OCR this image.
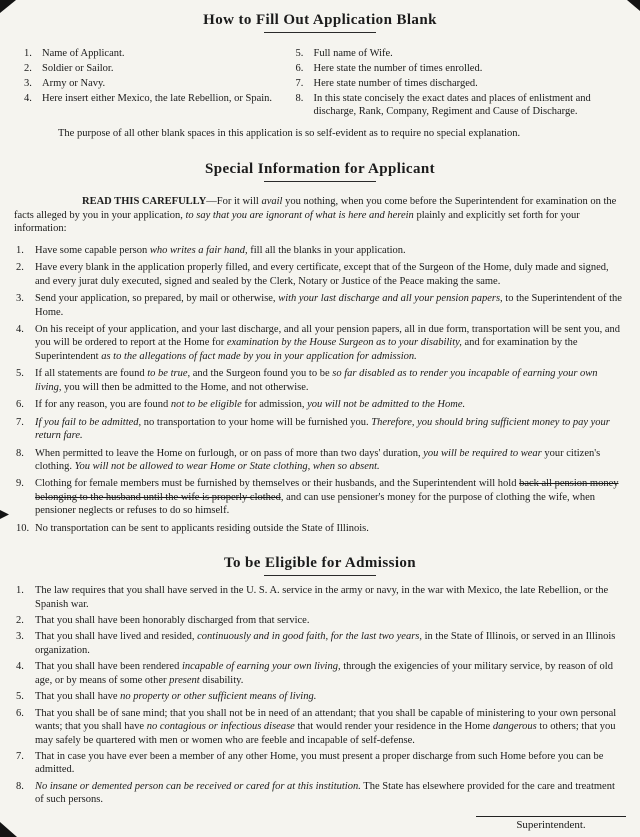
How to Fill Out Application Blank
1. Name of Applicant.
2. Soldier or Sailor.
3. Army or Navy.
4. Here insert either Mexico, the late Rebellion, or Spain.
5. Full name of Wife.
6. Here state the number of times enrolled.
7. Here state number of times discharged.
8. In this state concisely the exact dates and places of enlistment and discharge, Rank, Company, Regiment and Cause of Discharge.

The purpose of all other blank spaces in this application is so self-evident as to require no special explanation.

Special Information for Applicant

READ THIS CAREFULLY—For it will avail you nothing, when you come before the Superintendent for examination on the facts alleged by you in your application, to say that you are ignorant of what is here and herein plainly and explicitly set forth for your information:

1.	Have some capable person who writes a fair hand, fill all the blanks in your application.
2.	Have every blank in the application properly filled, and every certificate, except that of the Surgeon of the Home, duly made and signed, and every jurat duly executed, signed and sealed by the Clerk, Notary or Justice of the Peace making the same.
3.	Send your application, so prepared, by mail or otherwise, with your last discharge and all your pension papers, to the Superintendent of the Home.
4.	On his receipt of your application, and your last discharge, and all your pension papers, all in due form, transportation will be sent you, and you will be ordered to report at the Home for examination by the House Surgeon as to your disability, and for examination by the Superintendent as to the allegations of fact made by you in your application for admission.
5.	If all statements are found to be true, and the Surgeon found you to be so far disabled as to render you incapable of earning your own living, you will then be admitted to the Home, and not otherwise.
6.	If for any reason, you are found not to be eligible for admission, you will not be admitted to the Home.
7.	If you fail to be admitted, no transportation to your home will be furnished you. Therefore, you should bring sufficient money to pay your return fare.
8.	When permitted to leave the Home on furlough, or on pass of more than two days' duration, you will be required to wear your citizen's clothing. You will not be allowed to wear Home or State clothing, when so absent.
9.	Clothing for female members must be furnished by themselves or their husbands, and the Superintendent will hold back all pension money belonging to the husband until the wife is properly clothed, and can use pensioner's money for the purpose of clothing the wife, when pensioner neglects or refuses to do so himself.
10. No transportation can be sent to applicants residing outside the State of Illinois.
To be Eligible for Admission
1.	The law requires that you shall have served in the U. S. A. service in the army or navy, in the war with Mexico, the late Rebellion, or the Spanish war.
2.	That you shall have been honorably discharged from that service.
3.	That you shall have lived and resided, continuously and in good faith, for the last two years, in the State of Illinois, or served in an Illinois organization.
4.	That you shall have been rendered incapable of earning your own living, through the exigencies of your military service, by reason of old age, or by means of some other present disability.
5.	That you shall have no property or other sufficient means of living.
6.	That you shall be of sane mind; that you shall not be in need of an attendant; that you shall be capable of ministering to your own personal wants; that you shall have no contagious or infectious disease that would render your residence in the Home dangerous to others; that you may safely be quartered with men or women who are feeble and incapable of self-defense.
7.	That in case you have ever been a member of any other Home, you must present a proper discharge from such Home before you can be admitted.
8.	No insane or demented person can be received or cared for at this institution. The State has elsewhere provided for the care and treatment of such persons.
Superintendent.
